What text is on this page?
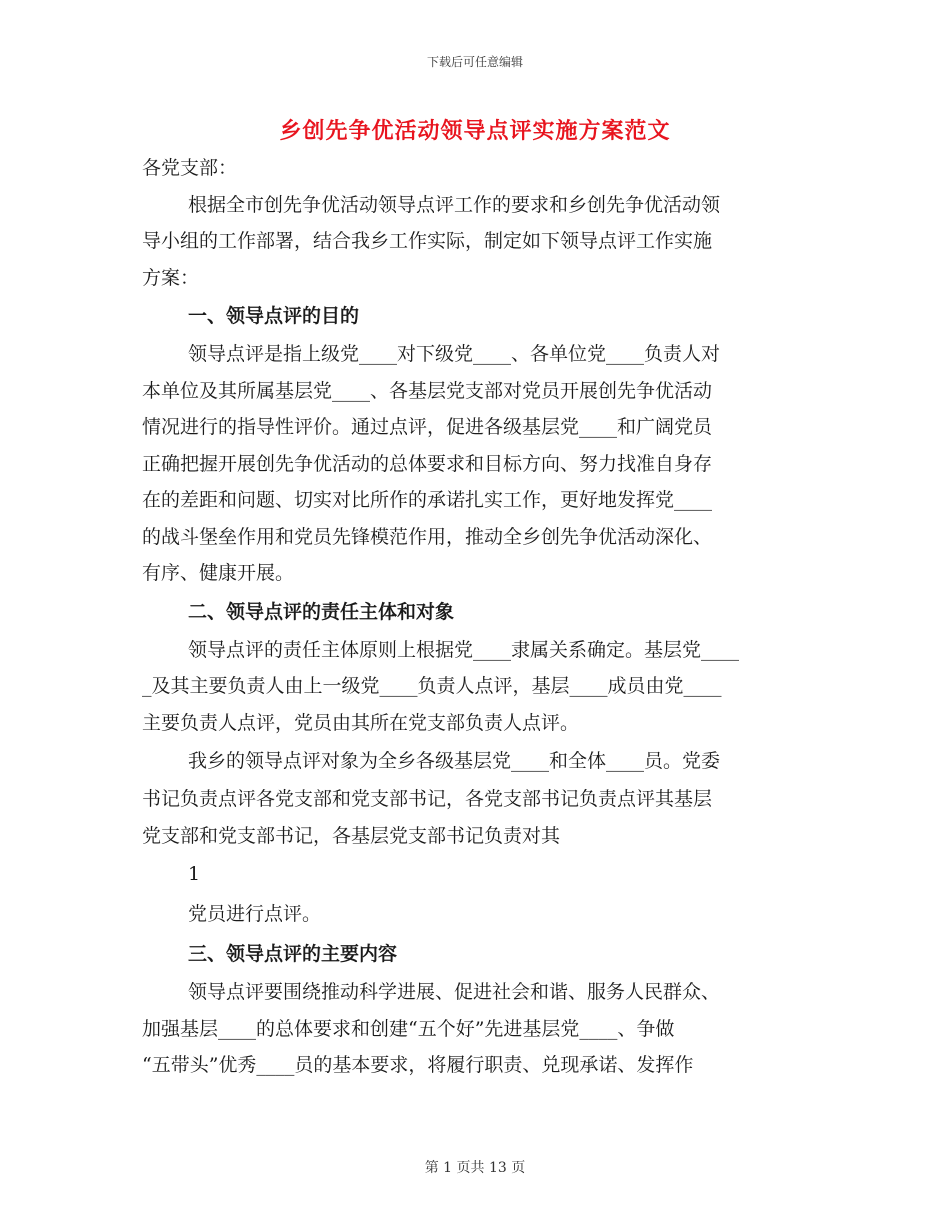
下载后可任意编辑
乡创先争优活动领导点评实施方案范文
各党支部：
根据全市创先争优活动领导点评工作的要求和乡创先争优活动领
导小组的工作部署，结合我乡工作实际，制定如下领导点评工作实施
方案：
一、领导点评的目的
领导点评是指上级党____对下级党____、各单位党____负责人对
本单位及其所属基层党____、各基层党支部对党员开展创先争优活动
情况进行的指导性评价。通过点评，促进各级基层党____和广阔党员
正确把握开展创先争优活动的总体要求和目标方向、努力找准自身存
在的差距和问题、切实对比所作的承诺扎实工作，更好地发挥党____
的战斗堡垒作用和党员先锋模范作用，推动全乡创先争优活动深化、
有序、健康开展。
二、领导点评的责任主体和对象
领导点评的责任主体原则上根据党____隶属关系确定。基层党____
_及其主要负责人由上一级党____负责人点评，基层____成员由党____
主要负责人点评，党员由其所在党支部负责人点评。
我乡的领导点评对象为全乡各级基层党____和全体____员。党委
书记负责点评各党支部和党支部书记，各党支部书记负责点评其基层
党支部和党支部书记，各基层党支部书记负责对其
1
党员进行点评。
三、领导点评的主要内容
领导点评要围绕推动科学进展、促进社会和谐、服务人民群众、
加强基层____的总体要求和创建“五个好”先进基层党____、争做
“五带头”优秀____员的基本要求，将履行职责、兑现承诺、发挥作
第 1 页共 13 页
